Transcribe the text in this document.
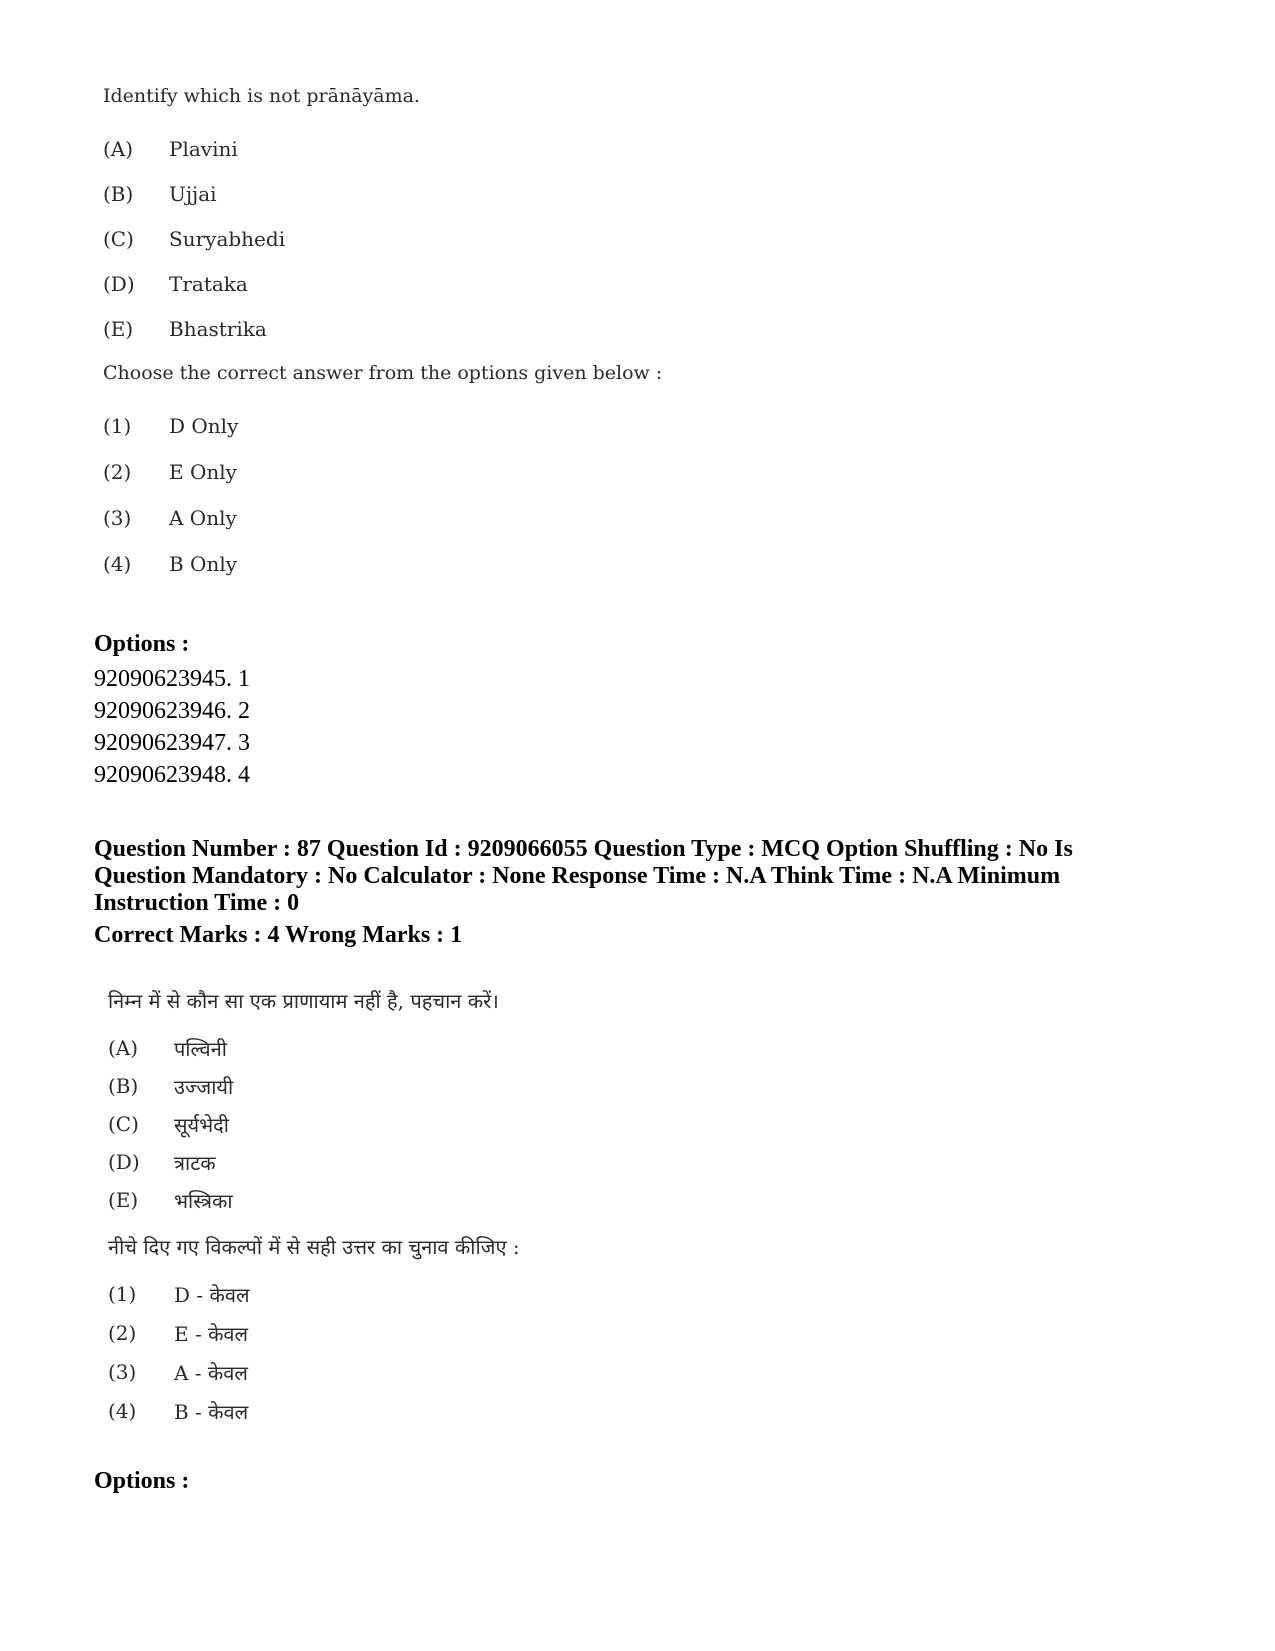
Identify which is not prānāyāma.

(A)	Plavini
(B)	Ujjai
(C)	Suryabhedi
(D)	Trataka
(E)	Bhastrika

Choose the correct answer from the options given below :

(1)	D Only
(2)	E Only
(3)	A Only
(4)	B Only
Options :
92090623945. 1
92090623946. 2
92090623947. 3
92090623948. 4
Question Number : 87 Question Id : 9209066055 Question Type : MCQ Option Shuffling : No Is Question Mandatory : No Calculator : None Response Time : N.A Think Time : N.A Minimum Instruction Time : 0
Correct Marks : 4 Wrong Marks : 1

निम्न में से कौन सा एक प्राणायाम नहीं है, पहचान करें।

(A)	पल्विनी
(B)	उज्जायी
(C)	सूर्यभेदी
(D)	त्राटक
(E)	भस्त्रिका

नीचे दिए गए विकल्पों में से सही उत्तर का चुनाव कीजिए :

(1)	D - केवल
(2)	E - केवल
(3)	A - केवल
(4)	B - केवल
Options :
